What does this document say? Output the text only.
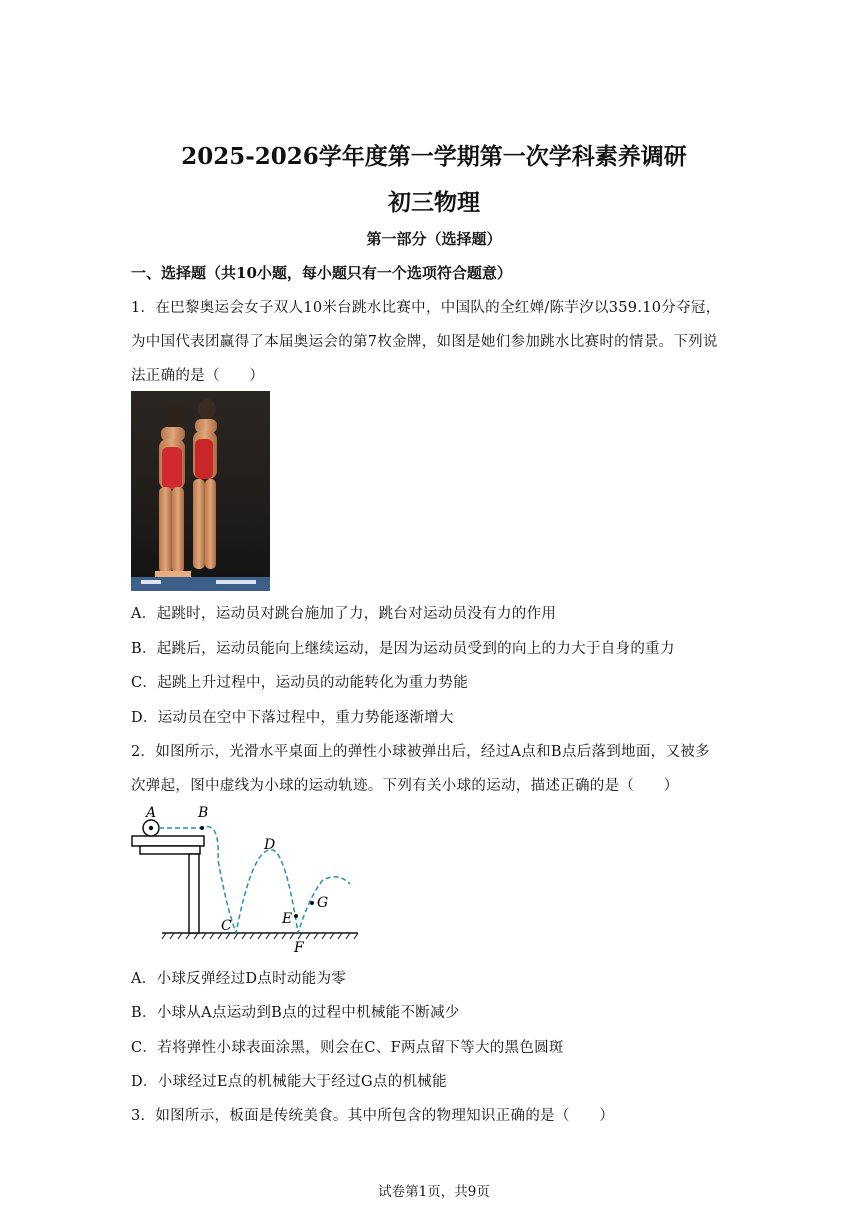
2025-2026学年度第一学期第一次学科素养调研
初三物理
第一部分（选择题）
一、选择题（共10小题，每小题只有一个选项符合题意）
1．在巴黎奥运会女子双人10米台跳水比赛中，中国队的全红婵/陈芋汐以359.10分夺冠，
为中国代表团赢得了本届奥运会的第7枚金牌，如图是她们参加跳水比赛时的情景。下列说
法正确的是（　　）
A．起跳时，运动员对跳台施加了力，跳台对运动员没有力的作用
B．起跳后，运动员能向上继续运动，是因为运动员受到的向上的力大于自身的重力
C．起跳上升过程中，运动员的动能转化为重力势能
D．运动员在空中下落过程中，重力势能逐渐增大
2．如图所示，光滑水平桌面上的弹性小球被弹出后，经过A点和B点后落到地面，又被多
次弹起，图中虚线为小球的运动轨迹。下列有关小球的运动，描述正确的是（　　）
A	B
C
D
E
F
G
A．小球反弹经过D点时动能为零
B．小球从A点运动到B点的过程中机械能不断减少
C．若将弹性小球表面涂黑，则会在C、F两点留下等大的黑色圆斑
D．小球经过E点的机械能大于经过G点的机械能
3．如图所示，板面是传统美食。其中所包含的物理知识正确的是（　　）
试卷第1页，共9页
